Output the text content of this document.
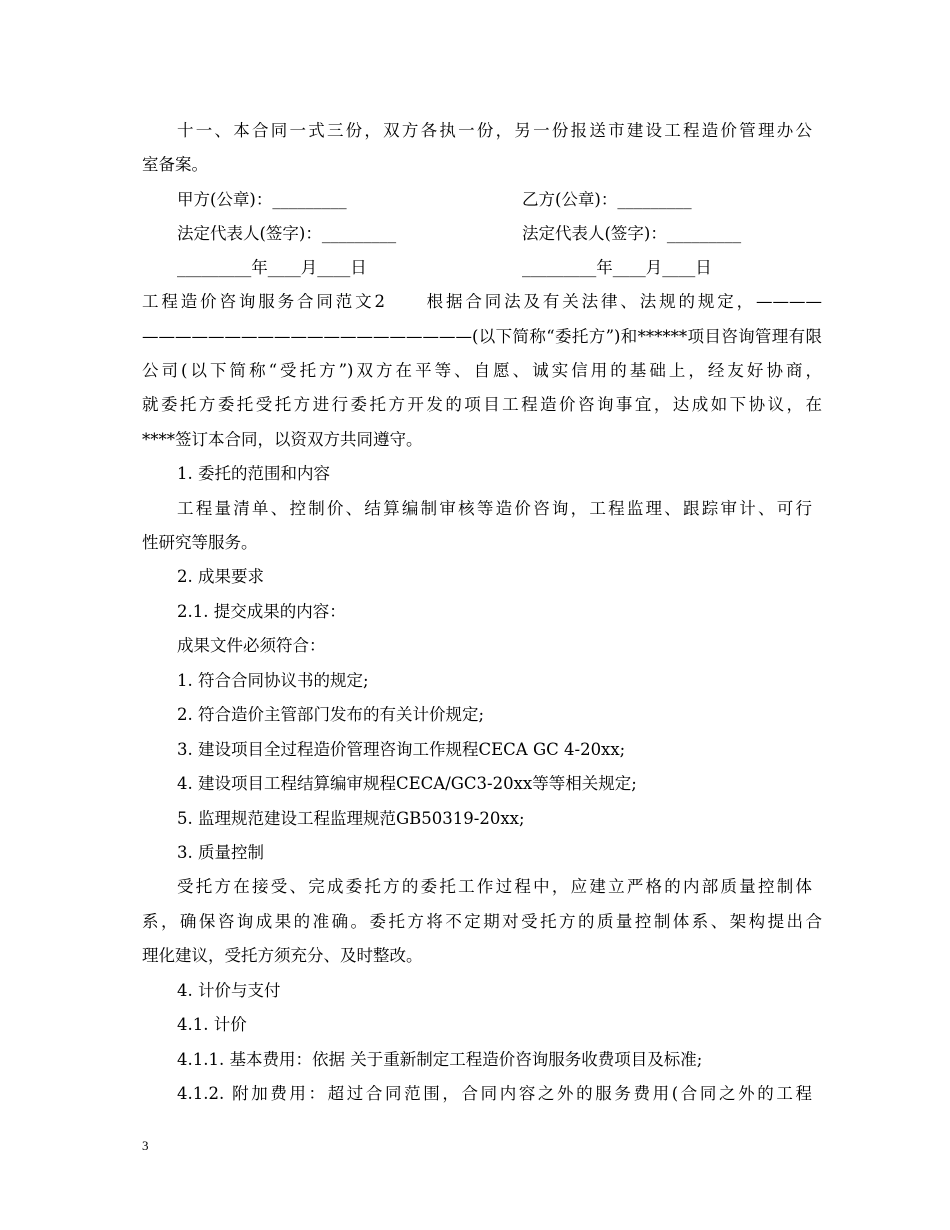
十一、本合同一式三份，双方各执一份，另一份报送市建设工程造价管理办公
室备案。
甲方(公章)：_________	乙方(公章)：_________
法定代表人(签字)：_________	法定代表人(签字)：_________
_________年____月____日	_________年____月____日
工程造价咨询服务合同范文2　　根据合同法及有关法律、法规的规定，————
————————————————————(以下简称“委托方”)和******项目咨询管理有限
公司(以下简称“受托方”)双方在平等、自愿、诚实信用的基础上，经友好协商，
就委托方委托受托方进行委托方开发的项目工程造价咨询事宜，达成如下协议，在
****签订本合同，以资双方共同遵守。
1. 委托的范围和内容
工程量清单、控制价、结算编制审核等造价咨询，工程监理、跟踪审计、可行
性研究等服务。
2. 成果要求
2.1. 提交成果的内容：
成果文件必须符合：
1. 符合合同协议书的规定;
2. 符合造价主管部门发布的有关计价规定;
3. 建设项目全过程造价管理咨询工作规程CECA GC 4-20xx;
4. 建设项目工程结算编审规程CECA/GC3-20xx等等相关规定;
5. 监理规范建设工程监理规范GB50319-20xx;
3. 质量控制
受托方在接受、完成委托方的委托工作过程中，应建立严格的内部质量控制体
系，确保咨询成果的准确。委托方将不定期对受托方的质量控制体系、架构提出合
理化建议，受托方须充分、及时整改。
4. 计价与支付
4.1. 计价
4.1.1. 基本费用：依据 关于重新制定工程造价咨询服务收费项目及标准;
4.1.2. 附加费用：超过合同范围，合同内容之外的服务费用(合同之外的工程
3
